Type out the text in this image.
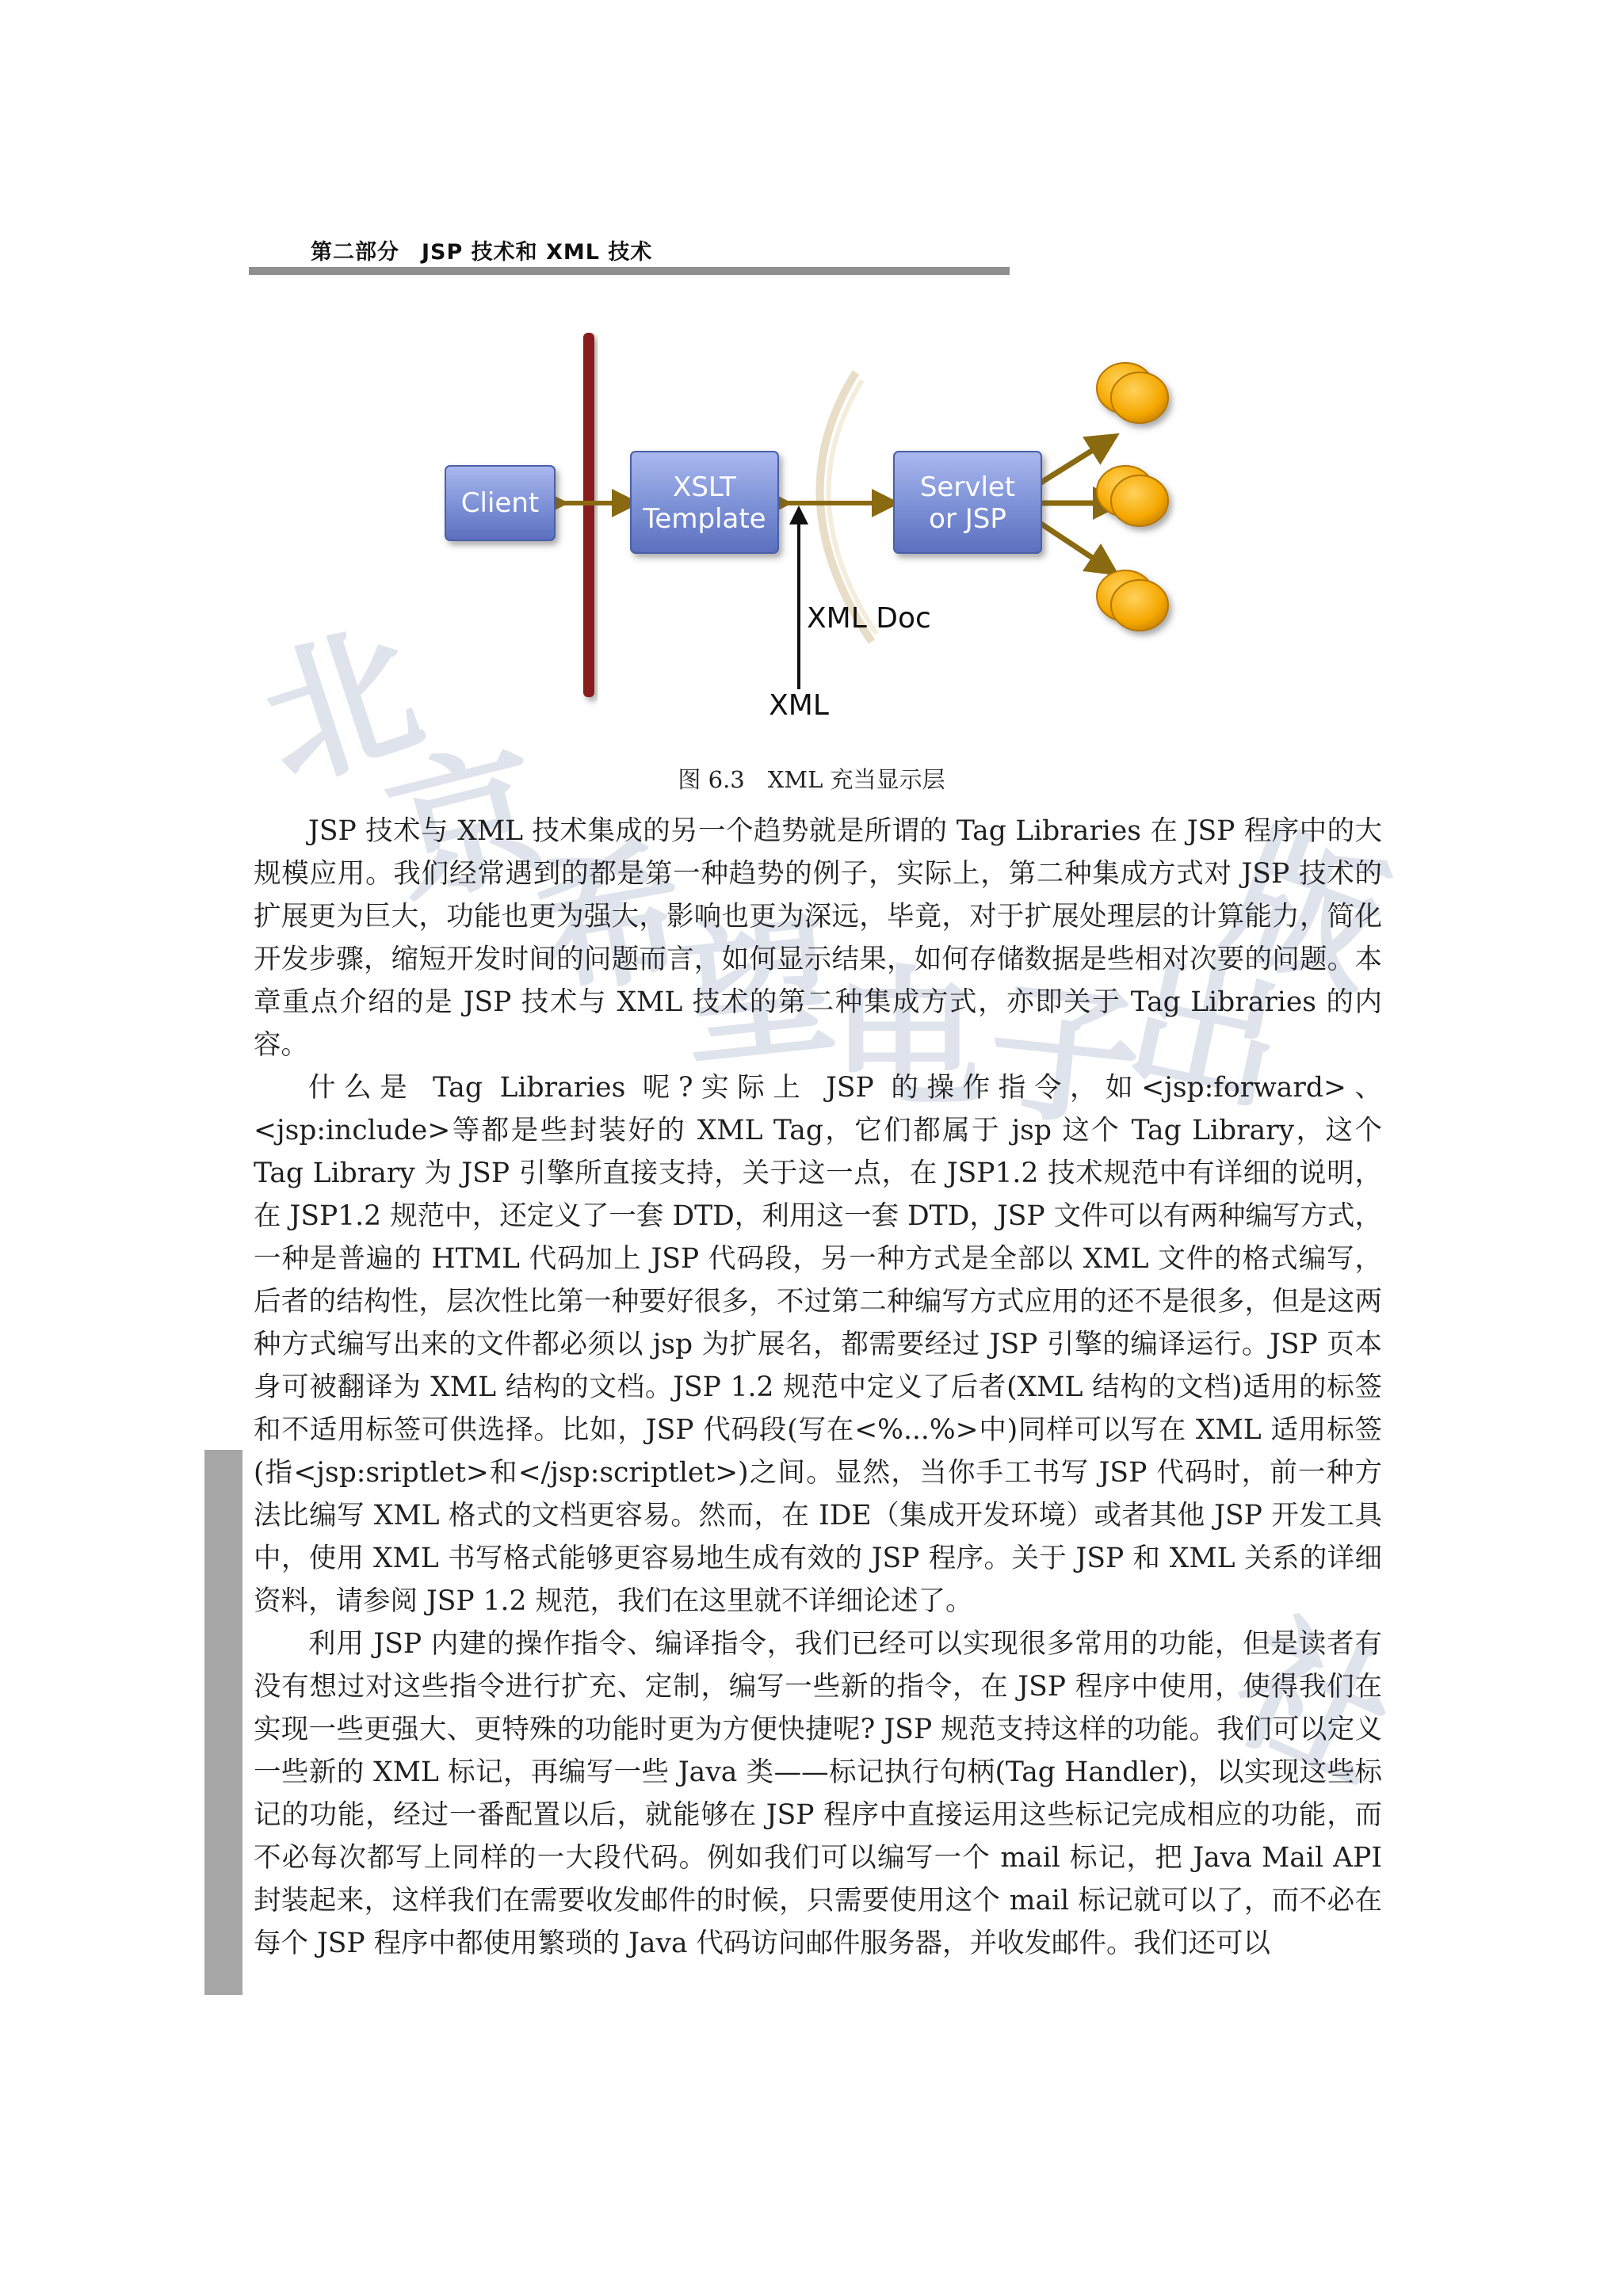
北
京
希
望
电
子
出
版
社
第二部分　JSP 技术和 XML 技术
Client	XSLT
Template
Servlet
or JSP
XML Doc
XML
图 6.3　XML 充当显示层

JSP 技术与 XML 技术集成的另一个趋势就是所谓的 Tag Libraries 在 JSP 程序中的大规模应用。我们经常遇到的都是第一种趋势的例子，实际上，第二种集成方式对 JSP 技术的扩展更为巨大，功能也更为强大，影响也更为深远，毕竟，对于扩展处理层的计算能力，简化开发步骤，缩短开发时间的问题而言，如何显示结果，如何存储数据是些相对次要的问题。本章重点介绍的是 JSP 技术与 XML 技术的第二种集成方式，亦即关于 Tag Libraries 的内容。

什么是 Tag Libraries 呢?实际上 JSP 的操作指令，如<jsp:forward>、<jsp:include>等都是些封装好的 XML Tag，它们都属于 jsp 这个 Tag Library，这个 Tag Library 为 JSP 引擎所直接支持，关于这一点，在 JSP1.2 技术规范中有详细的说明，在 JSP1.2 规范中，还定义了一套 DTD，利用这一套 DTD，JSP 文件可以有两种编写方式，一种是普遍的 HTML 代码加上 JSP 代码段，另一种方式是全部以 XML 文件的格式编写，后者的结构性，层次性比第一种要好很多，不过第二种编写方式应用的还不是很多，但是这两种方式编写出来的文件都必须以 jsp 为扩展名，都需要经过 JSP 引擎的编译运行。JSP 页本身可被翻译为 XML 结构的文档。JSP 1.2 规范中定义了后者(XML 结构的文档)适用的标签和不适用标签可供选择。比如，JSP 代码段(写在<%...%>中)同样可以写在 XML 适用标签(指<jsp:sriptlet>和</jsp:scriptlet>)之间。显然，当你手工书写 JSP 代码时，前一种方法比编写 XML 格式的文档更容易。然而，在 IDE（集成开发环境）或者其他 JSP 开发工具中，使用 XML 书写格式能够更容易地生成有效的 JSP 程序。关于 JSP 和 XML 关系的详细资料，请参阅 JSP 1.2 规范，我们在这里就不详细论述了。

利用 JSP 内建的操作指令、编译指令，我们已经可以实现很多常用的功能，但是读者有没有想过对这些指令进行扩充、定制，编写一些新的指令，在 JSP 程序中使用，使得我们在实现一些更强大、更特殊的功能时更为方便快捷呢? JSP 规范支持这样的功能。我们可以定义一些新的 XML 标记，再编写一些 Java 类——标记执行句柄(Tag Handler)，以实现这些标记的功能，经过一番配置以后，就能够在 JSP 程序中直接运用这些标记完成相应的功能，而不必每次都写上同样的一大段代码。例如我们可以编写一个 mail 标记，把 Java Mail API 封装起来，这样我们在需要收发邮件的时候，只需要使用这个 mail 标记就可以了，而不必在每个 JSP 程序中都使用繁琐的 Java 代码访问邮件服务器，并收发邮件。我们还可以
